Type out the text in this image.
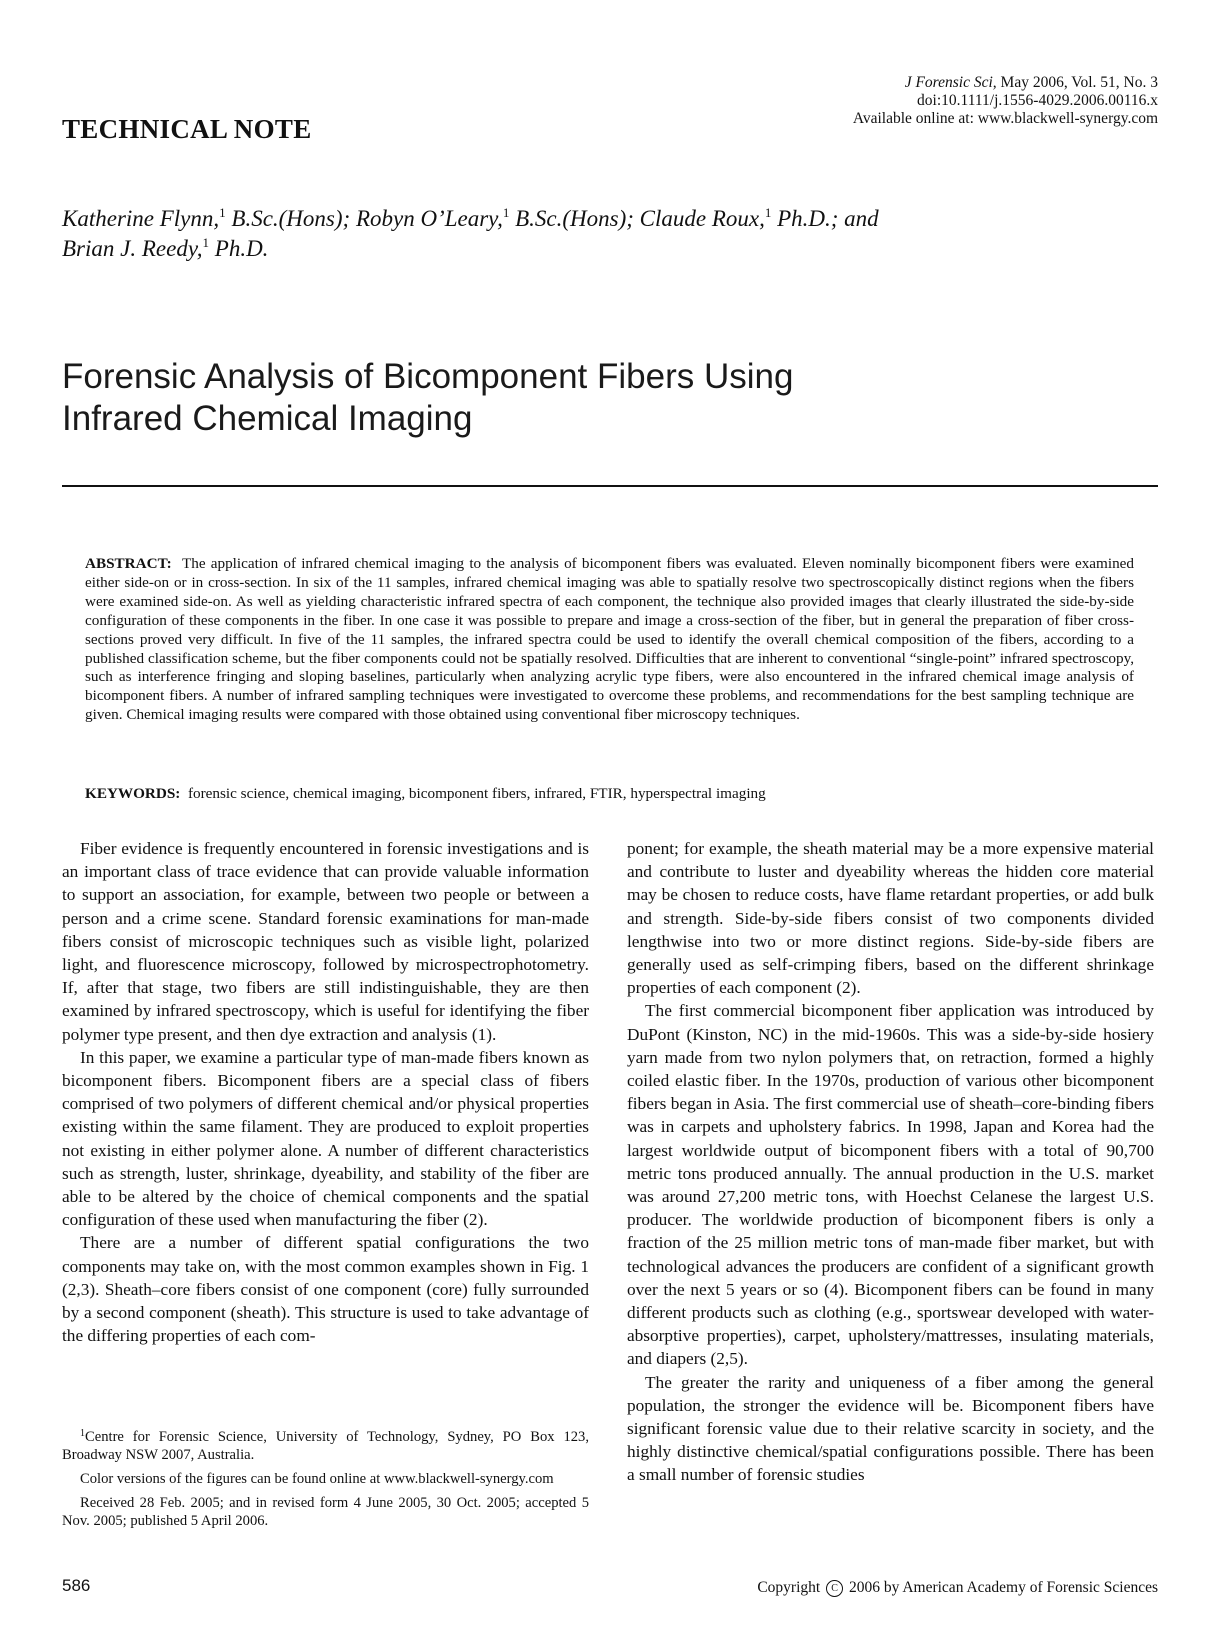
J Forensic Sci, May 2006, Vol. 51, No. 3
doi:10.1111/j.1556-4029.2006.00116.x
Available online at: www.blackwell-synergy.com
TECHNICAL NOTE
Katherine Flynn,$^1$ B.Sc.(Hons); Robyn O’Leary,$^1$ B.Sc.(Hons); Claude Roux,$^1$ Ph.D.; and
Brian J. Reedy,$^1$ Ph.D.
Forensic Analysis of Bicomponent Fibers Using
Infrared Chemical Imaging
ABSTRACT: The application of infrared chemical imaging to the analysis of bicomponent fibers was evaluated. Eleven nominally bicomponent fibers were examined either side-on or in cross-section. In six of the 11 samples, infrared chemical imaging was able to spatially resolve two spectroscopically distinct regions when the fibers were examined side-on. As well as yielding characteristic infrared spectra of each component, the technique also provided images that clearly illustrated the side-by-side configuration of these components in the fiber. In one case it was possible to prepare and image a cross-section of the fiber, but in general the preparation of fiber cross-sections proved very difficult. In five of the 11 samples, the infrared spectra could be used to identify the overall chemical composition of the fibers, according to a published classification scheme, but the fiber components could not be spatially resolved. Difficulties that are inherent to conventional “single-point” infrared spectroscopy, such as interference fringing and sloping baselines, particularly when analyzing acrylic type fibers, were also encountered in the infrared chemical image analysis of bicomponent fibers. A number of infrared sampling techniques were investigated to overcome these problems, and recommendations for the best sampling technique are given. Chemical imaging results were compared with those obtained using conventional fiber microscopy techniques.
KEYWORDS: forensic science, chemical imaging, bicomponent fibers, infrared, FTIR, hyperspectral imaging

Fiber evidence is frequently encountered in forensic investigations and is an important class of trace evidence that can provide valuable information to support an association, for example, between two people or between a person and a crime scene. Standard forensic examinations for man-made fibers consist of microscopic techniques such as visible light, polarized light, and fluorescence microscopy, followed by microspectrophotometry. If, after that stage, two fibers are still indistinguishable, they are then examined by infrared spectroscopy, which is useful for identifying the fiber polymer type present, and then dye extraction and analysis (1).

In this paper, we examine a particular type of man-made fibers known as bicomponent fibers. Bicomponent fibers are a special class of fibers comprised of two polymers of different chemical and/or physical properties existing within the same filament. They are produced to exploit properties not existing in either polymer alone. A number of different characteristics such as strength, luster, shrinkage, dyeability, and stability of the fiber are able to be altered by the choice of chemical components and the spatial configuration of these used when manufacturing the fiber (2).

There are a number of different spatial configurations the two components may take on, with the most common examples shown in Fig. 1 (2,3). Sheath–core fibers consist of one component (core) fully surrounded by a second component (sheath). This structure is used to take advantage of the differing properties of each com-

ponent; for example, the sheath material may be a more expensive material and contribute to luster and dyeability whereas the hidden core material may be chosen to reduce costs, have flame retardant properties, or add bulk and strength. Side-by-side fibers consist of two components divided lengthwise into two or more distinct regions. Side-by-side fibers are generally used as self-crimping fibers, based on the different shrinkage properties of each component (2).

The first commercial bicomponent fiber application was introduced by DuPont (Kinston, NC) in the mid-1960s. This was a side-by-side hosiery yarn made from two nylon polymers that, on retraction, formed a highly coiled elastic fiber. In the 1970s, production of various other bicomponent fibers began in Asia. The first commercial use of sheath–core-binding fibers was in carpets and upholstery fabrics. In 1998, Japan and Korea had the largest worldwide output of bicomponent fibers with a total of 90,700 metric tons produced annually. The annual production in the U.S. market was around 27,200 metric tons, with Hoechst Celanese the largest U.S. producer. The worldwide production of bicomponent fibers is only a fraction of the 25 million metric tons of man-made fiber market, but with technological advances the producers are confident of a significant growth over the next 5 years or so (4). Bicomponent fibers can be found in many different products such as clothing (e.g., sportswear developed with water-absorptive properties), carpet, upholstery/mattresses, insulating materials, and diapers (2,5).

The greater the rarity and uniqueness of a fiber among the general population, the stronger the evidence will be. Bicomponent fibers have significant forensic value due to their relative scarcity in society, and the highly distinctive chemical/spatial configurations possible. There has been a small number of forensic studies

$^1$Centre for Forensic Science, University of Technology, Sydney, PO Box 123, Broadway NSW 2007, Australia.

Color versions of the figures can be found online at www.blackwell-synergy.com

Received 28 Feb. 2005; and in revised form 4 June 2005, 30 Oct. 2005; accepted 5 Nov. 2005; published 5 April 2006.

586	Copyright C 2006 by American Academy of Forensic Sciences
